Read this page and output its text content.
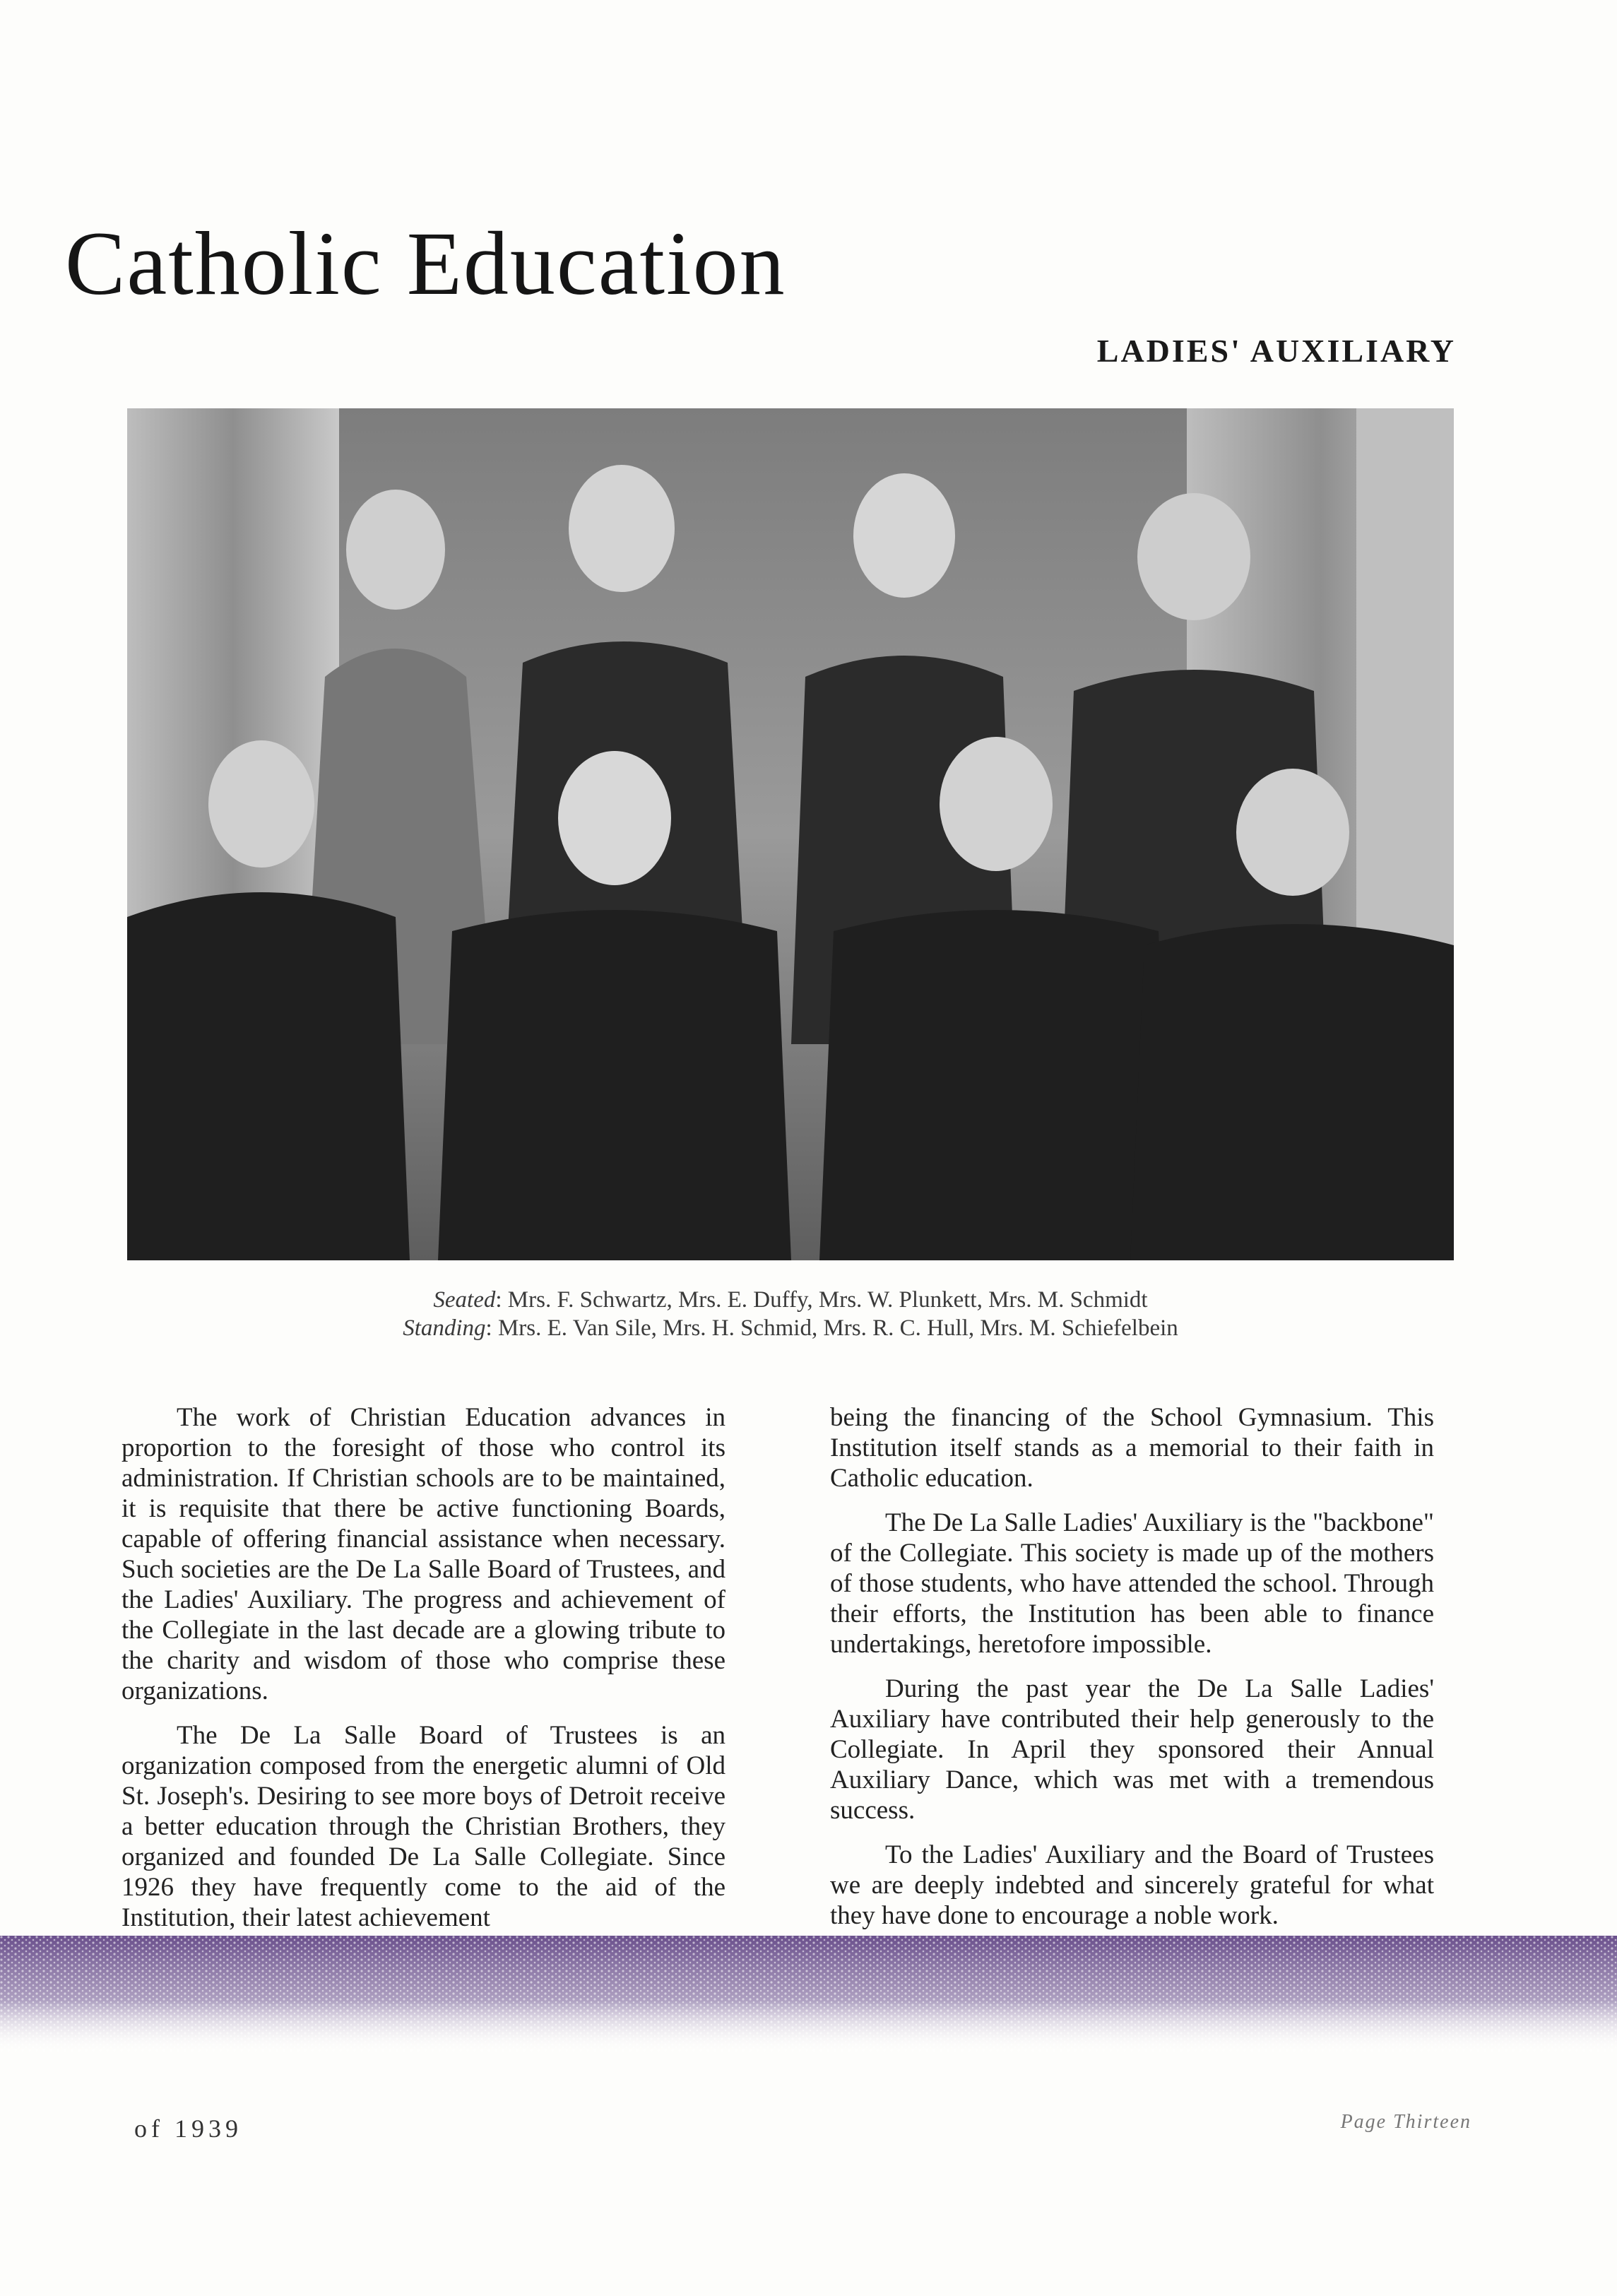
Catholic Education
LADIES' AUXILIARY
Seated: Mrs. F. Schwartz, Mrs. E. Duffy, Mrs. W. Plunkett, Mrs. M. Schmidt
Standing: Mrs. E. Van Sile, Mrs. H. Schmid, Mrs. R. C. Hull, Mrs. M. Schiefelbein

The work of Christian Education advances in proportion to the foresight of those who control its administration. If Christian schools are to be maintained, it is requisite that there be active functioning Boards, capable of offering financial assistance when necessary. Such societies are the De La Salle Board of Trustees, and the Ladies' Auxiliary. The progress and achievement of the Collegiate in the last decade are a glowing tribute to the charity and wisdom of those who comprise these organizations.

The De La Salle Board of Trustees is an organization composed from the energetic alumni of Old St. Joseph's. Desiring to see more boys of Detroit receive a better education through the Christian Brothers, they organized and founded De La Salle Collegiate. Since 1926 they have frequently come to the aid of the Institution, their latest achievement

being the financing of the School Gymnasium. This Institution itself stands as a memorial to their faith in Catholic education.

The De La Salle Ladies' Auxiliary is the "backbone" of the Collegiate. This society is made up of the mothers of those students, who have attended the school. Through their efforts, the Institution has been able to finance undertakings, heretofore impossible.

During the past year the De La Salle Ladies' Auxiliary have contributed their help generously to the Collegiate. In April they sponsored their Annual Auxiliary Dance, which was met with a tremendous success.

To the Ladies' Auxiliary and the Board of Trustees we are deeply indebted and sincerely grateful for what they have done to encourage a noble work.

of 1939	Page Thirteen
